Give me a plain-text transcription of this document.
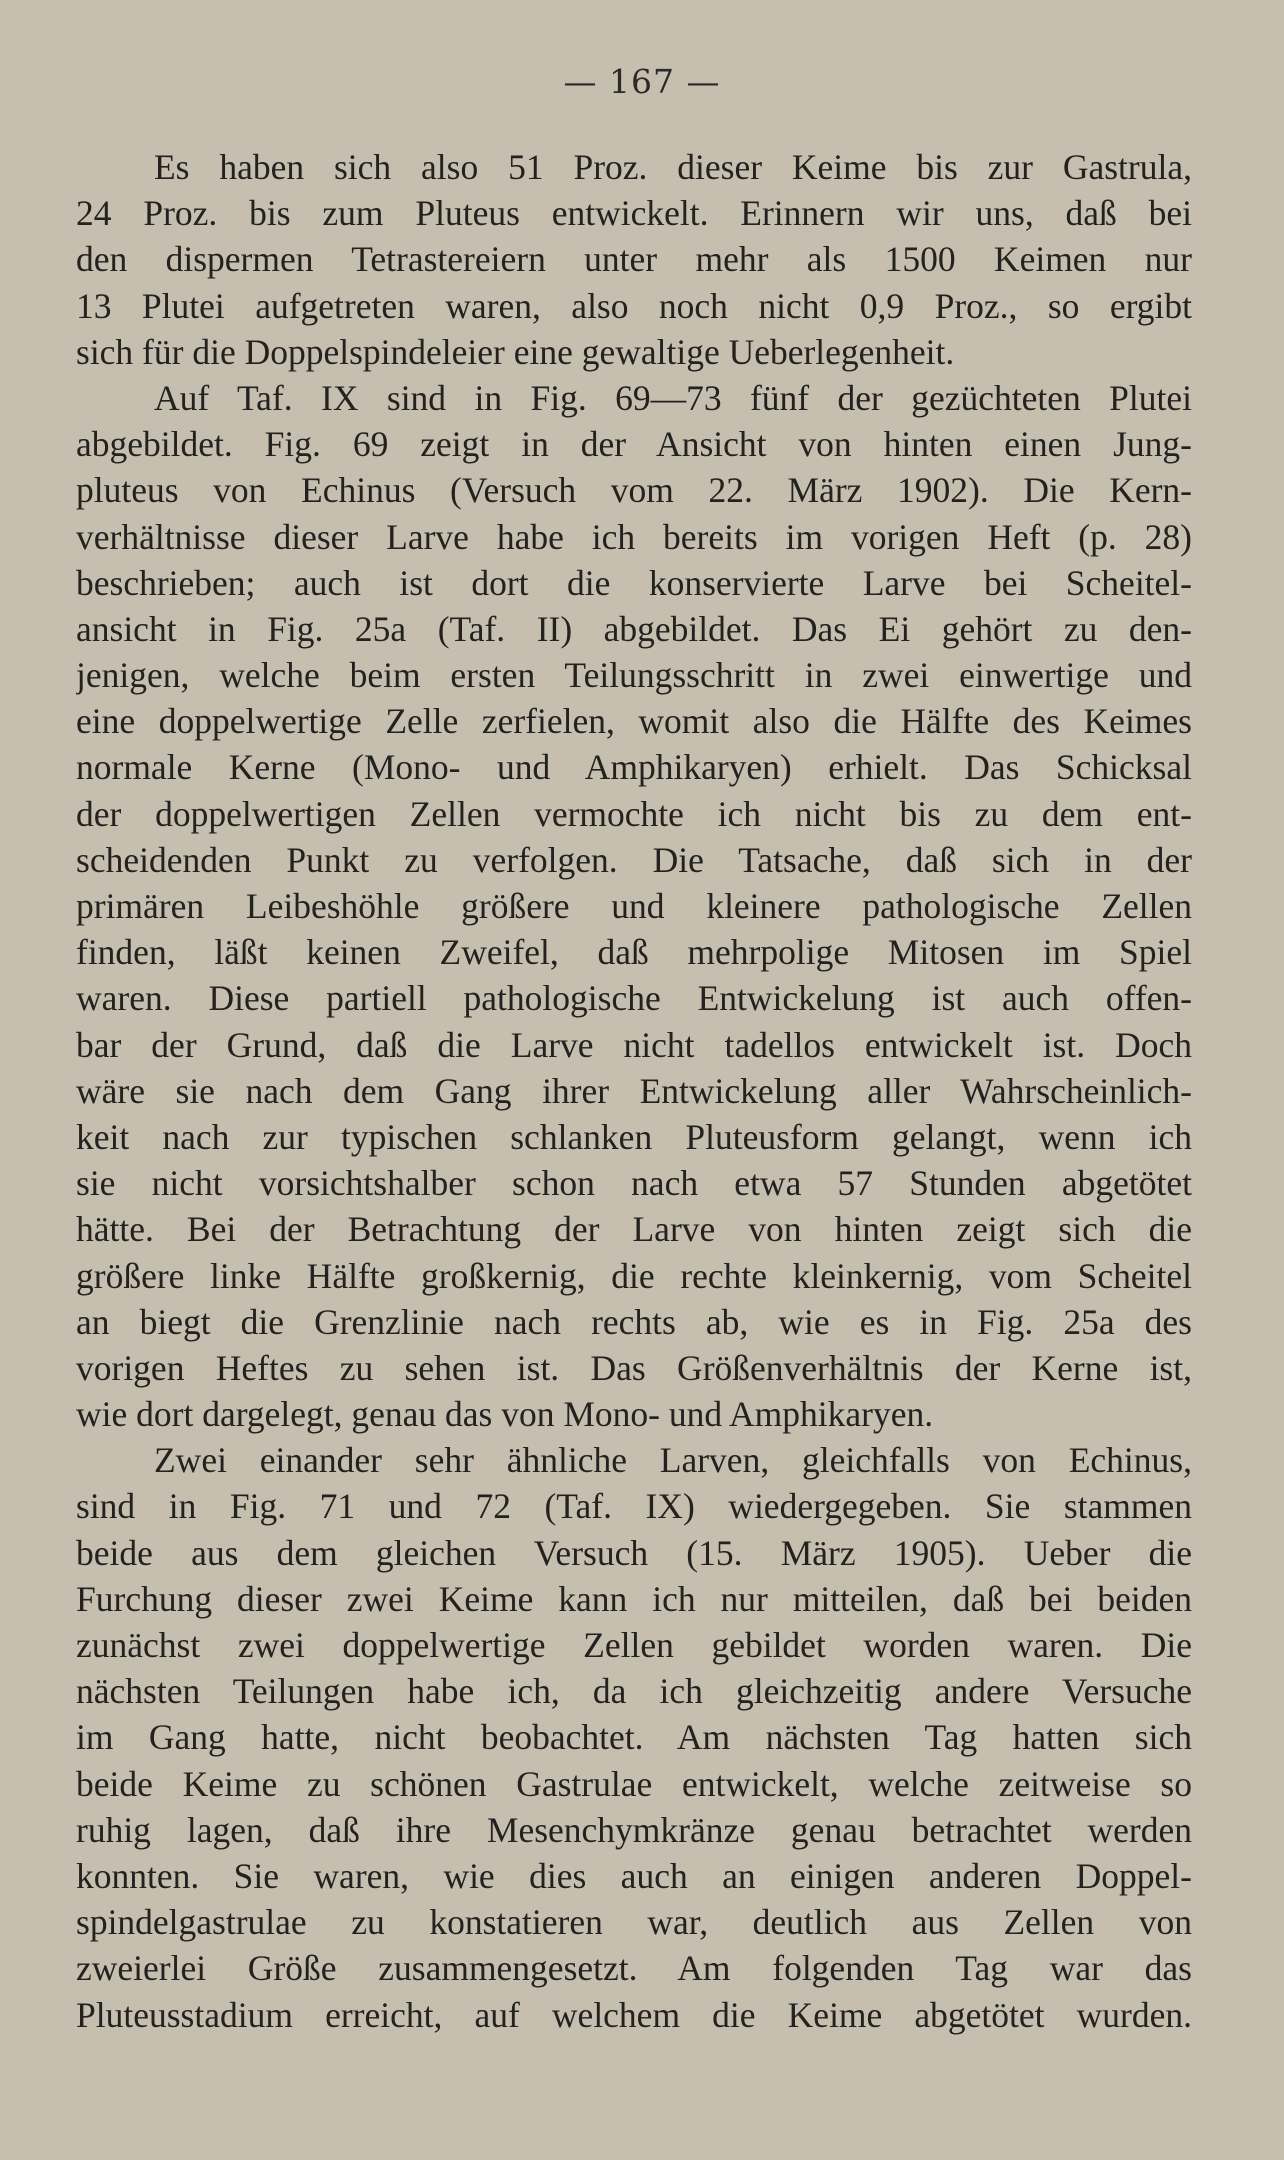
— 167 —
Es haben sich also 51 Proz. dieser Keime bis zur Gastrula,
24 Proz. bis zum Pluteus entwickelt. Erinnern wir uns, daß bei
den dispermen Tetrastereiern unter mehr als 1500 Keimen nur
13 Plutei aufgetreten waren, also noch nicht 0,9 Proz., so ergibt
sich für die Doppelspindeleier eine gewaltige Ueberlegenheit.
Auf Taf. IX sind in Fig. 69—73 fünf der gezüchteten Plutei
abgebildet. Fig. 69 zeigt in der Ansicht von hinten einen Jung-
pluteus von Echinus (Versuch vom 22. März 1902). Die Kern-
verhältnisse dieser Larve habe ich bereits im vorigen Heft (p. 28)
beschrieben; auch ist dort die konservierte Larve bei Scheitel-
ansicht in Fig. 25a (Taf. II) abgebildet. Das Ei gehört zu den-
jenigen, welche beim ersten Teilungsschritt in zwei einwertige und
eine doppelwertige Zelle zerfielen, womit also die Hälfte des Keimes
normale Kerne (Mono- und Amphikaryen) erhielt. Das Schicksal
der doppelwertigen Zellen vermochte ich nicht bis zu dem ent-
scheidenden Punkt zu verfolgen. Die Tatsache, daß sich in der
primären Leibeshöhle größere und kleinere pathologische Zellen
finden, läßt keinen Zweifel, daß mehrpolige Mitosen im Spiel
waren. Diese partiell pathologische Entwickelung ist auch offen-
bar der Grund, daß die Larve nicht tadellos entwickelt ist. Doch
wäre sie nach dem Gang ihrer Entwickelung aller Wahrscheinlich-
keit nach zur typischen schlanken Pluteusform gelangt, wenn ich
sie nicht vorsichtshalber schon nach etwa 57 Stunden abgetötet
hätte. Bei der Betrachtung der Larve von hinten zeigt sich die
größere linke Hälfte großkernig, die rechte kleinkernig, vom Scheitel
an biegt die Grenzlinie nach rechts ab, wie es in Fig. 25a des
vorigen Heftes zu sehen ist. Das Größenverhältnis der Kerne ist,
wie dort dargelegt, genau das von Mono- und Amphikaryen.
Zwei einander sehr ähnliche Larven, gleichfalls von Echinus,
sind in Fig. 71 und 72 (Taf. IX) wiedergegeben. Sie stammen
beide aus dem gleichen Versuch (15. März 1905). Ueber die
Furchung dieser zwei Keime kann ich nur mitteilen, daß bei beiden
zunächst zwei doppelwertige Zellen gebildet worden waren. Die
nächsten Teilungen habe ich, da ich gleichzeitig andere Versuche
im Gang hatte, nicht beobachtet. Am nächsten Tag hatten sich
beide Keime zu schönen Gastrulae entwickelt, welche zeitweise so
ruhig lagen, daß ihre Mesenchymkränze genau betrachtet werden
konnten. Sie waren, wie dies auch an einigen anderen Doppel-
spindelgastrulae zu konstatieren war, deutlich aus Zellen von
zweierlei Größe zusammengesetzt. Am folgenden Tag war das
Pluteusstadium erreicht, auf welchem die Keime abgetötet wurden.
